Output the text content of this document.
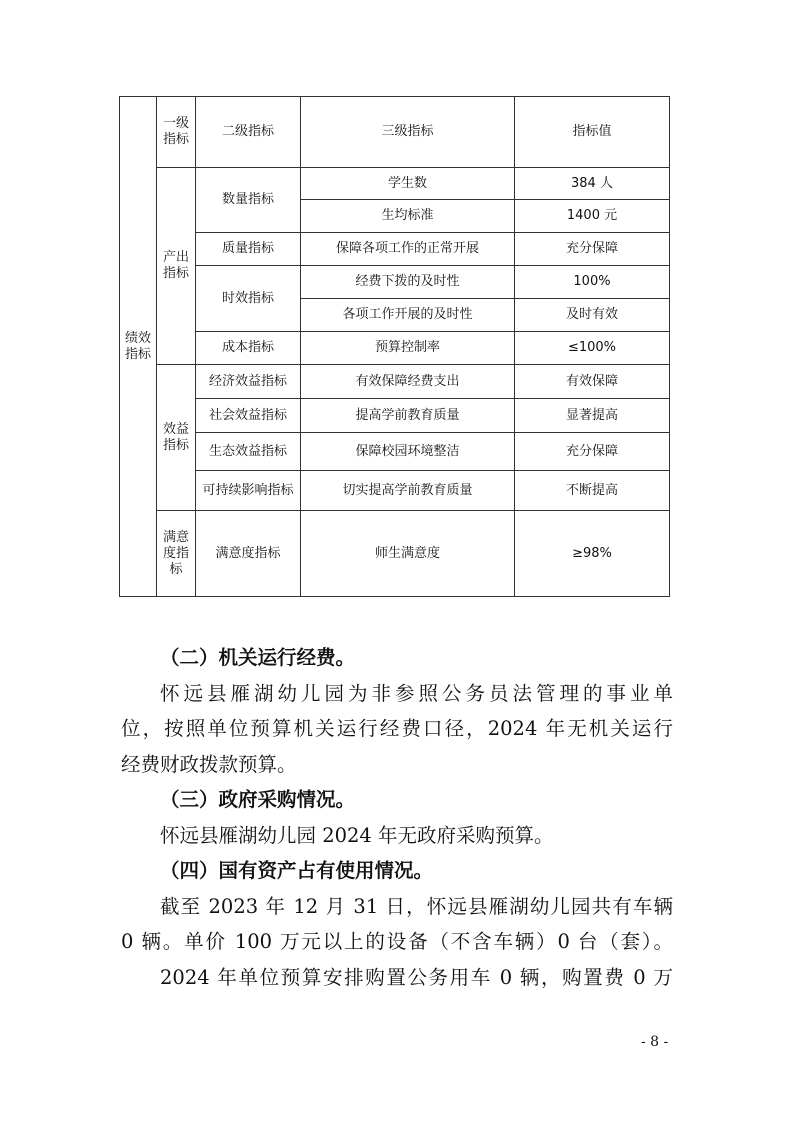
绩效指标	一级指标	二级指标	三级指标	指标值
	产出指标	数量指标	学生数	384 人
			生均标准	1400 元
		质量指标	保障各项工作的正常开展	充分保障
		时效指标	经费下拨的及时性	100%
			各项工作开展的及时性	及时有效
		成本指标	预算控制率	≤100%
	效益指标	经济效益指标	有效保障经费支出	有效保障
		社会效益指标	提高学前教育质量	显著提高
		生态效益指标	保障校园环境整洁	充分保障
		可持续影响指标	切实提高学前教育质量	不断提高
	满意度指标	满意度指标	师生满意度	≥98%

（二）机关运行经费。

怀远县雁湖幼儿园为非参照公务员法管理的事业单

位，按照单位预算机关运行经费口径，2024 年无机关运行

经费财政拨款预算。

（三）政府采购情况。

怀远县雁湖幼儿园 2024 年无政府采购预算。

（四）国有资产占有使用情况。

截至 2023 年 12 月 31 日，怀远县雁湖幼儿园共有车辆

0 辆。单价 100 万元以上的设备（不含车辆）0 台（套）。

2024 年单位预算安排购置公务用车 0 辆，购置费 0 万

- 8 -
